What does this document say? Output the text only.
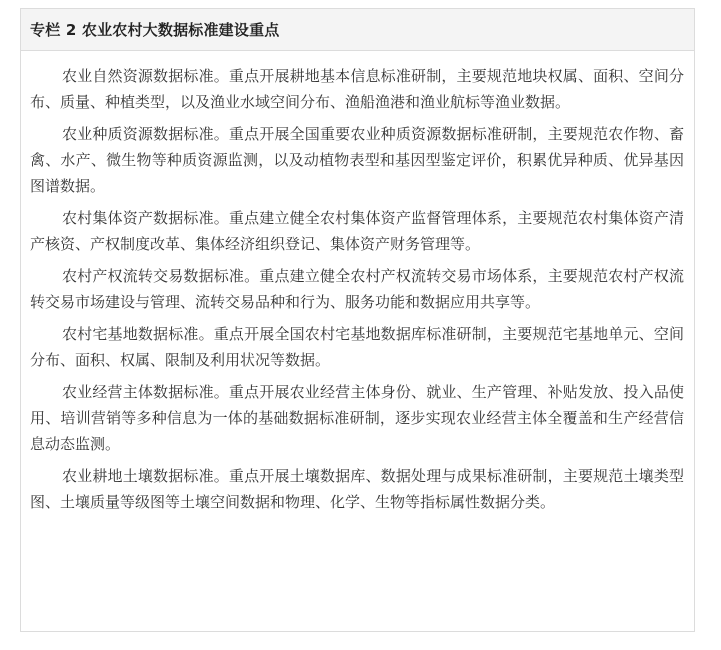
专栏 2 农业农村大数据标准建设重点

农业自然资源数据标准。重点开展耕地基本信息标准研制，主要规范地块权属、面积、空间分布、质量、种植类型，以及渔业水域空间分布、渔船渔港和渔业航标等渔业数据。

农业种质资源数据标准。重点开展全国重要农业种质资源数据标准研制，主要规范农作物、畜禽、水产、微生物等种质资源监测，以及动植物表型和基因型鉴定评价，积累优异种质、优异基因图谱数据。

农村集体资产数据标准。重点建立健全农村集体资产监督管理体系，主要规范农村集体资产清产核资、产权制度改革、集体经济组织登记、集体资产财务管理等。

农村产权流转交易数据标准。重点建立健全农村产权流转交易市场体系，主要规范农村产权流转交易市场建设与管理、流转交易品种和行为、服务功能和数据应用共享等。

农村宅基地数据标准。重点开展全国农村宅基地数据库标准研制，主要规范宅基地单元、空间分布、面积、权属、限制及利用状况等数据。

农业经营主体数据标准。重点开展农业经营主体身份、就业、生产管理、补贴发放、投入品使用、培训营销等多种信息为一体的基础数据标准研制，逐步实现农业经营主体全覆盖和生产经营信息动态监测。

农业耕地土壤数据标准。重点开展土壤数据库、数据处理与成果标准研制，主要规范土壤类型图、土壤质量等级图等土壤空间数据和物理、化学、生物等指标属性数据分类。
